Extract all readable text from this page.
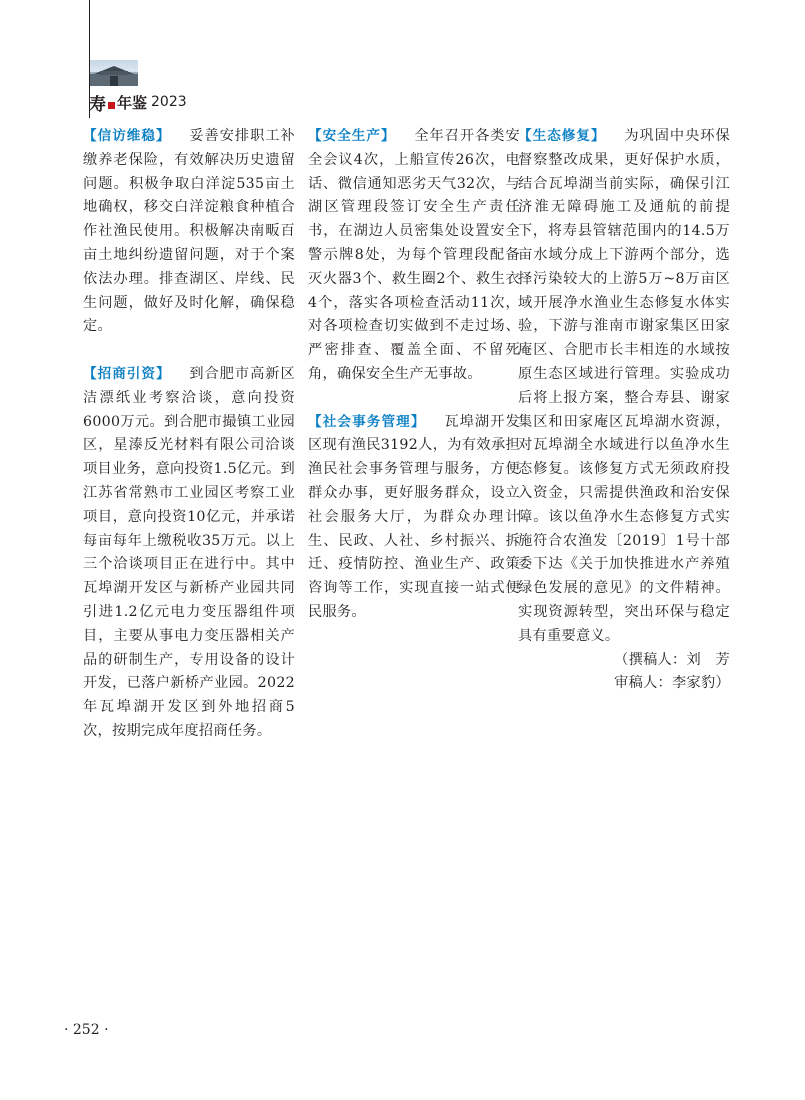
寿 年鉴 2023

【信访维稳】 妥善安排职工补缴养老保险，有效解决历史遗留问题。积极争取白洋淀535亩土地确权，移交白洋淀粮食种植合作社渔民使用。积极解决南畈百亩土地纠纷遗留问题，对于个案依法办理。排查湖区、岸线、民生问题，做好及时化解，确保稳定。

【招商引资】 到合肥市高新区洁漂纸业考察洽谈，意向投资6000万元。到合肥市撮镇工业园区，星溙反光材料有限公司洽谈项目业务，意向投资1.5亿元。到江苏省常熟市工业园区考察工业项目，意向投资10亿元，并承诺每亩每年上缴税收35万元。以上三个洽谈项目正在进行中。其中瓦埠湖开发区与新桥产业园共同引进1.2亿元电力变压器组件项目，主要从事电力变压器相关产品的研制生产，专用设备的设计开发，已落户新桥产业园。2022年瓦埠湖开发区到外地招商5次，按期完成年度招商任务。

【安全生产】 全年召开各类安全会议4次，上船宣传26次，电话、微信通知恶劣天气32次，与湖区管理段签订安全生产责任书，在湖边人员密集处设置安全警示牌8处，为每个管理段配备灭火器3个、救生圈2个、救生衣4个，落实各项检查活动11次，对各项检查切实做到不走过场、严密排查、覆盖全面、不留死角，确保安全生产无事故。

【社会事务管理】 瓦埠湖开发区现有渔民3192人，为有效承担渔民社会事务管理与服务，方便群众办事，更好服务群众，设立社会服务大厅，为群众办理计生、民政、人社、乡村振兴、拆迁、疫情防控、渔业生产、政策咨询等工作，实现直接一站式便民服务。

【生态修复】 为巩固中央环保督察整改成果，更好保护水质，结合瓦埠湖当前实际，确保引江济淮无障碍施工及通航的前提下，将寿县管辖范围内的14.5万亩水域分成上下游两个部分，选择污染较大的上游5万~8万亩区域开展净水渔业生态修复水体实验，下游与淮南市谢家集区田家庵区、合肥市长丰相连的水域按原生态区域进行管理。实验成功后将上报方案，整合寿县、谢家集区和田家庵区瓦埠湖水资源，对瓦埠湖全水域进行以鱼净水生态修复。该修复方式无须政府投入资金，只需提供渔政和治安保障。该以鱼净水生态修复方式实施符合农渔发〔2019〕1号十部委下达《关于加快推进水产养殖绿色发展的意见》的文件精神。实现资源转型，突出环保与稳定具有重要意义。

（撰稿人：刘　芳

审稿人：李家豹）

· 252 ·
